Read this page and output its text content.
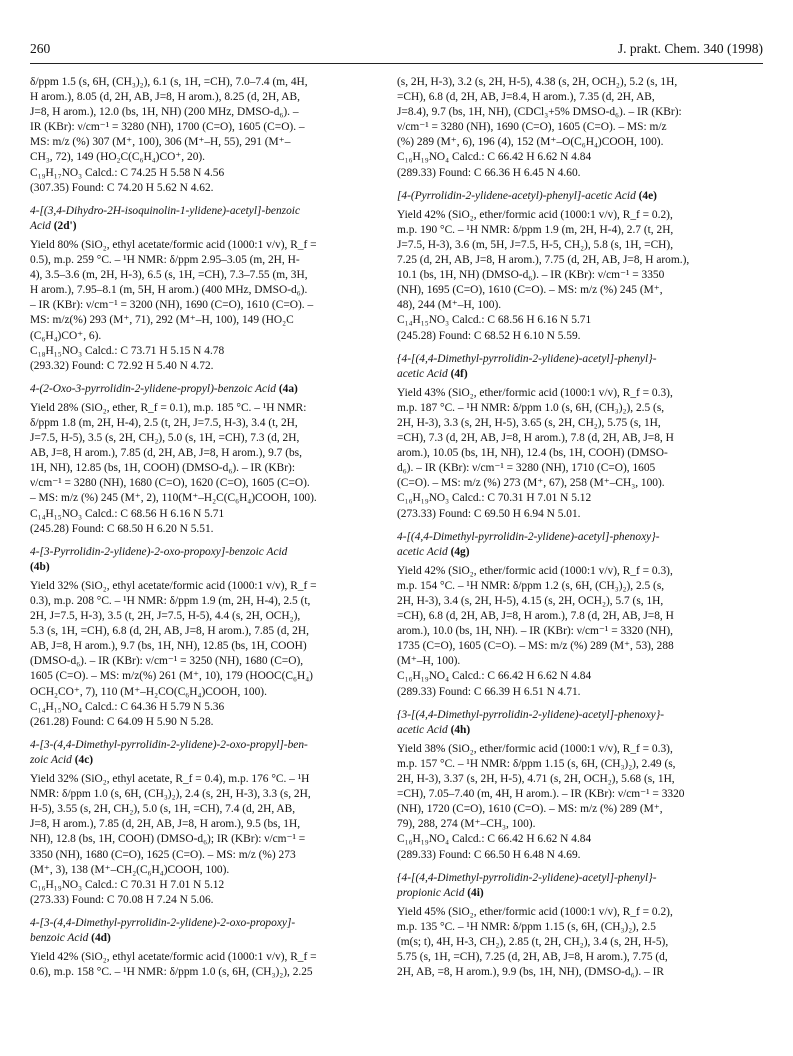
260	J. prakt. Chem. 340 (1998)
δ/ppm 1.5 (s, 6H, (CH₃)₂), 6.1 (s, 1H, =CH), 7.0–7.4 (m, 4H,
H arom.), 8.05 (d, 2H, AB, J=8, H arom.), 8.25 (d, 2H, AB,
J=8, H arom.), 12.0 (bs, 1H, NH) (200 MHz, DMSO-d₆). –
IR (KBr): ν/cm⁻¹ = 3280 (NH), 1700 (C=O), 1605 (C=O). –
MS: m/z (%) 307 (M⁺, 100), 306 (M⁺–H, 55), 291 (M⁺–
CH₃, 72), 149 (HO₂C(C₆H₄)CO⁺, 20).
C₁₉H₁₇NO₃ Calcd.: C 74.25 H 5.58 N 4.56
(307.35) Found: C 74.20 H 5.62 N 4.62.
4-[(3,4-Dihydro-2H-isoquinolin-1-ylidene)-acetyl]-benzoic
Acid (2d')
Yield 80% (SiO₂, ethyl acetate/formic acid (1000:1 v/v), R_f =
0.5), m.p. 259 °C. – ¹H NMR: δ/ppm 2.95–3.05 (m, 2H, H-
4), 3.5–3.6 (m, 2H, H-3), 6.5 (s, 1H, =CH), 7.3–7.55 (m, 3H,
H arom.), 7.95–8.1 (m, 5H, H arom.) (400 MHz, DMSO-d₆).
– IR (KBr): ν/cm⁻¹ = 3200 (NH), 1690 (C=O), 1610 (C=O). –
MS: m/z(%) 293 (M⁺, 71), 292 (M⁺–H, 100), 149 (HO₂C
(C₆H₄)CO⁺, 6).
C₁₈H₁₅NO₃ Calcd.: C 73.71 H 5.15 N 4.78
(293.32) Found: C 72.92 H 5.40 N 4.72.
4-(2-Oxo-3-pyrrolidin-2-ylidene-propyl)-benzoic Acid (4a)
Yield 28% (SiO₂, ether, R_f = 0.1), m.p. 185 °C. – ¹H NMR:
δ/ppm 1.8 (m, 2H, H-4), 2.5 (t, 2H, J=7.5, H-3), 3.4 (t, 2H,
J=7.5, H-5), 3.5 (s, 2H, CH₂), 5.0 (s, 1H, =CH), 7.3 (d, 2H,
AB, J=8, H arom.), 7.85 (d, 2H, AB, J=8, H arom.), 9.7 (bs,
1H, NH), 12.85 (bs, 1H, COOH) (DMSO-d₆). – IR (KBr):
ν/cm⁻¹ = 3280 (NH), 1680 (C=O), 1620 (C=O), 1605 (C=O).
– MS: m/z (%) 245 (M⁺, 2), 110(M⁺–H₂C(C₆H₄)COOH, 100).
C₁₄H₁₅NO₃ Calcd.: C 68.56 H 6.16 N 5.71
(245.28) Found: C 68.50 H 6.20 N 5.51.
4-[3-Pyrrolidin-2-ylidene)-2-oxo-propoxy]-benzoic Acid
(4b)
Yield 32% (SiO₂, ethyl acetate/formic acid (1000:1 v/v), R_f =
0.3), m.p. 208 °C. – ¹H NMR: δ/ppm 1.9 (m, 2H, H-4), 2.5 (t,
2H, J=7.5, H-3), 3.5 (t, 2H, J=7.5, H-5), 4.4 (s, 2H, OCH₂),
5.3 (s, 1H, =CH), 6.8 (d, 2H, AB, J=8, H arom.), 7.85 (d, 2H,
AB, J=8, H arom.), 9.7 (bs, 1H, NH), 12.85 (bs, 1H, COOH)
(DMSO-d₆). – IR (KBr): ν/cm⁻¹ = 3250 (NH), 1680 (C=O),
1605 (C=O). – MS: m/z(%) 261 (M⁺, 10), 179 (HOOC(C₆H₄)
OCH₂CO⁺, 7), 110 (M⁺–H₂CO(C₆H₄)COOH, 100).
C₁₄H₁₅NO₄ Calcd.: C 64.36 H 5.79 N 5.36
(261.28) Found: C 64.09 H 5.90 N 5.28.
4-[3-(4,4-Dimethyl-pyrrolidin-2-ylidene)-2-oxo-propyl]-ben-
zoic Acid (4c)
Yield 32% (SiO₂, ethyl acetate, R_f = 0.4), m.p. 176 °C. – ¹H
NMR: δ/ppm 1.0 (s, 6H, (CH₃)₂), 2.4 (s, 2H, H-3), 3.3 (s, 2H,
H-5), 3.55 (s, 2H, CH₂), 5.0 (s, 1H, =CH), 7.4 (d, 2H, AB,
J=8, H arom.), 7.85 (d, 2H, AB, J=8, H arom.), 9.5 (bs, 1H,
NH), 12.8 (bs, 1H, COOH) (DMSO-d₆); IR (KBr): ν/cm⁻¹ =
3350 (NH), 1680 (C=O), 1625 (C=O). – MS: m/z (%) 273
(M⁺, 3), 138 (M⁺–CH₂(C₆H₄)COOH, 100).
C₁₆H₁₉NO₃ Calcd.: C 70.31 H 7.01 N 5.12
(273.33) Found: C 70.08 H 7.24 N 5.06.
4-[3-(4,4-Dimethyl-pyrrolidin-2-ylidene)-2-oxo-propoxy]-
benzoic Acid (4d)
Yield 42% (SiO₂, ethyl acetate/formic acid (1000:1 v/v), R_f =
0.6), m.p. 158 °C. – ¹H NMR: δ/ppm 1.0 (s, 6H, (CH₃)₂), 2.25
(s, 2H, H-3), 3.2 (s, 2H, H-5), 4.38 (s, 2H, OCH₂), 5.2 (s, 1H,
=CH), 6.8 (d, 2H, AB, J=8.4, H arom.), 7.35 (d, 2H, AB,
J=8.4), 9.7 (bs, 1H, NH), (CDCl₃+5% DMSO-d₆). – IR (KBr):
ν/cm⁻¹ = 3280 (NH), 1690 (C=O), 1605 (C=O). – MS: m/z
(%) 289 (M⁺, 6), 196 (4), 152 (M⁺–O(C₆H₄)COOH, 100).
C₁₆H₁₉NO₄ Calcd.: C 66.42 H 6.62 N 4.84
(289.33) Found: C 66.36 H 6.45 N 4.60.
[4-(Pyrrolidin-2-ylidene-acetyl)-phenyl]-acetic Acid (4e)
Yield 42% (SiO₂, ether/formic acid (1000:1 v/v), R_f = 0.2),
m.p. 190 °C. – ¹H NMR: δ/ppm 1.9 (m, 2H, H-4), 2.7 (t, 2H,
J=7.5, H-3), 3.6 (m, 5H, J=7.5, H-5, CH₂), 5.8 (s, 1H, =CH),
7.25 (d, 2H, AB, J=8, H arom.), 7.75 (d, 2H, AB, J=8, H arom.),
10.1 (bs, 1H, NH) (DMSO-d₆). – IR (KBr): ν/cm⁻¹ = 3350
(NH), 1695 (C=O), 1610 (C=O). – MS: m/z (%) 245 (M⁺,
48), 244 (M⁺–H, 100).
C₁₄H₁₅NO₃ Calcd.: C 68.56 H 6.16 N 5.71
(245.28) Found: C 68.52 H 6.10 N 5.59.
{4-[(4,4-Dimethyl-pyrrolidin-2-ylidene)-acetyl]-phenyl}-
acetic Acid (4f)
Yield 43% (SiO₂, ether/formic acid (1000:1 v/v), R_f = 0.3),
m.p. 187 °C. – ¹H NMR: δ/ppm 1.0 (s, 6H, (CH₃)₂), 2.5 (s,
2H, H-3), 3.3 (s, 2H, H-5), 3.65 (s, 2H, CH₂), 5.75 (s, 1H,
=CH), 7.3 (d, 2H, AB, J=8, H arom.), 7.8 (d, 2H, AB, J=8, H
arom.), 10.05 (bs, 1H, NH), 12.4 (bs, 1H, COOH) (DMSO-
d₆). – IR (KBr): ν/cm⁻¹ = 3280 (NH), 1710 (C=O), 1605
(C=O). – MS: m/z (%) 273 (M⁺, 67), 258 (M⁺–CH₃, 100).
C₁₆H₁₉NO₃ Calcd.: C 70.31 H 7.01 N 5.12
(273.33) Found: C 69.50 H 6.94 N 5.01.
4-[(4,4-Dimethyl-pyrrolidin-2-ylidene)-acetyl]-phenoxy}-
acetic Acid (4g)
Yield 42% (SiO₂, ether/formic acid (1000:1 v/v), R_f = 0.3),
m.p. 154 °C. – ¹H NMR: δ/ppm 1.2 (s, 6H, (CH₃)₂), 2.5 (s,
2H, H-3), 3.4 (s, 2H, H-5), 4.15 (s, 2H, OCH₂), 5.7 (s, 1H,
=CH), 6.8 (d, 2H, AB, J=8, H arom.), 7.8 (d, 2H, AB, J=8, H
arom.), 10.0 (bs, 1H, NH). – IR (KBr): ν/cm⁻¹ = 3320 (NH),
1735 (C=O), 1605 (C=O). – MS: m/z (%) 289 (M⁺, 53), 288
(M⁺–H, 100).
C₁₆H₁₉NO₄ Calcd.: C 66.42 H 6.62 N 4.84
(289.33) Found: C 66.39 H 6.51 N 4.71.
{3-[(4,4-Dimethyl-pyrrolidin-2-ylidene)-acetyl]-phenoxy}-
acetic Acid (4h)
Yield 38% (SiO₂, ether/formic acid (1000:1 v/v), R_f = 0.3),
m.p. 157 °C. – ¹H NMR: δ/ppm 1.15 (s, 6H, (CH₃)₂), 2.49 (s,
2H, H-3), 3.37 (s, 2H, H-5), 4.71 (s, 2H, OCH₂), 5.68 (s, 1H,
=CH), 7.05–7.40 (m, 4H, H arom.). – IR (KBr): ν/cm⁻¹ = 3320
(NH), 1720 (C=O), 1610 (C=O). – MS: m/z (%) 289 (M⁺,
79), 288, 274 (M⁺–CH₃, 100).
C₁₆H₁₉NO₄ Calcd.: C 66.42 H 6.62 N 4.84
(289.33) Found: C 66.50 H 6.48 N 4.69.
{4-[(4,4-Dimethyl-pyrrolidin-2-ylidene)-acetyl]-phenyl}-
propionic Acid (4i)
Yield 45% (SiO₂, ether/formic acid (1000:1 v/v), R_f = 0.2),
m.p. 135 °C. – ¹H NMR: δ/ppm 1.15 (s, 6H, (CH₃)₂), 2.5
(m(s; t), 4H, H-3, CH₂), 2.85 (t, 2H, CH₂), 3.4 (s, 2H, H-5),
5.75 (s, 1H, =CH), 7.25 (d, 2H, AB, J=8, H arom.), 7.75 (d,
2H, AB, =8, H arom.), 9.9 (bs, 1H, NH), (DMSO-d₆). – IR
